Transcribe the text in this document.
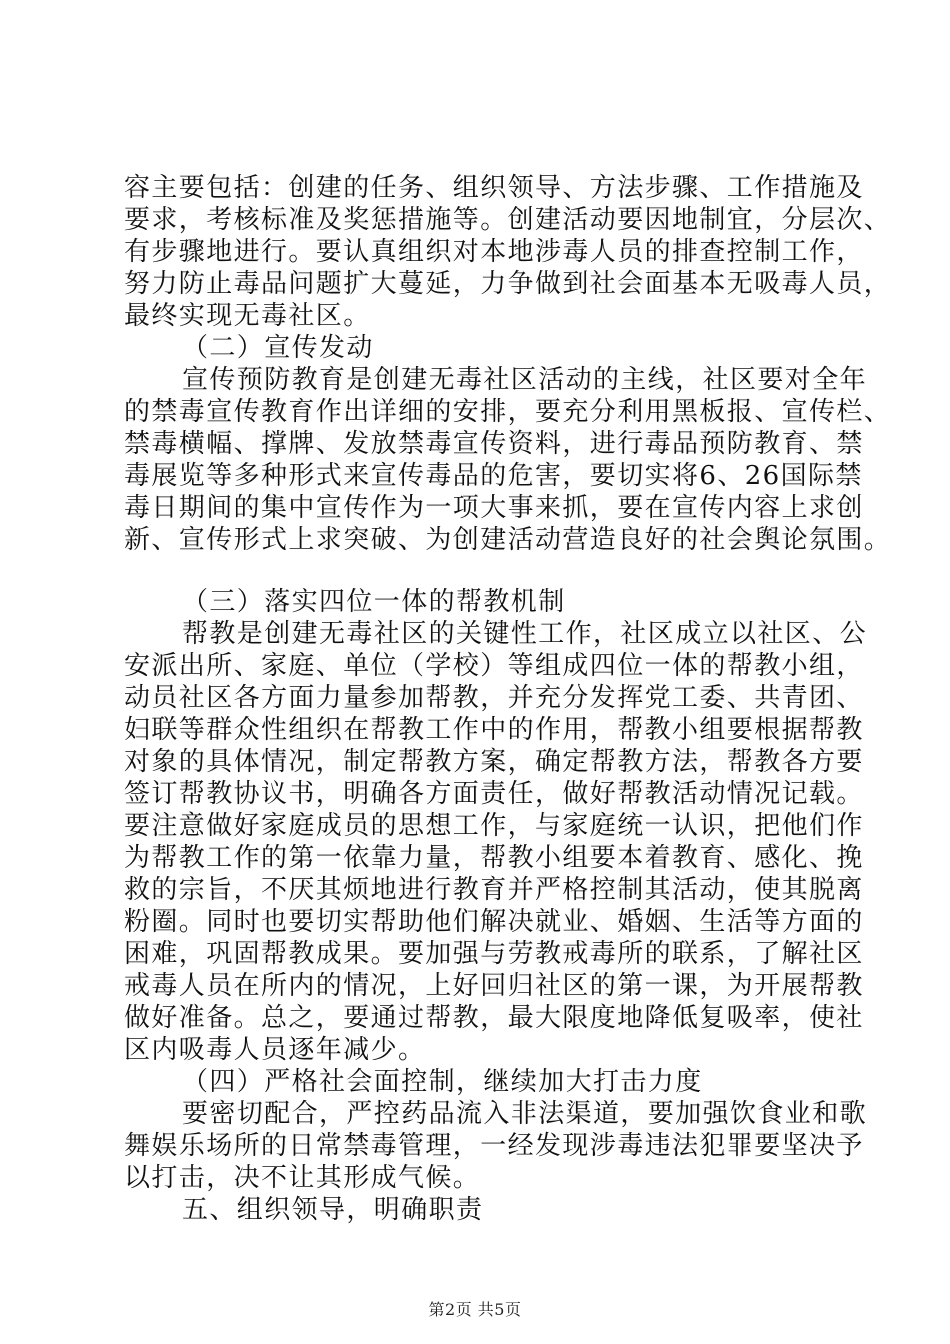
容主要包括：创建的任务、组织领导、方法步骤、工作措施及
要求，考核标准及奖惩措施等。创建活动要因地制宜，分层次、
有步骤地进行。要认真组织对本地涉毒人员的排查控制工作，
努力防止毒品问题扩大蔓延，力争做到社会面基本无吸毒人员，
最终实现无毒社区。
（二）宣传发动
宣传预防教育是创建无毒社区活动的主线，社区要对全年
的禁毒宣传教育作出详细的安排，要充分利用黑板报、宣传栏、
禁毒横幅、撑牌、发放禁毒宣传资料，进行毒品预防教育、禁
毒展览等多种形式来宣传毒品的危害，要切实将6、26国际禁
毒日期间的集中宣传作为一项大事来抓，要在宣传内容上求创
新、宣传形式上求突破、为创建活动营造良好的社会舆论氛围。
（三）落实四位一体的帮教机制
帮教是创建无毒社区的关键性工作，社区成立以社区、公
安派出所、家庭、单位（学校）等组成四位一体的帮教小组，
动员社区各方面力量参加帮教，并充分发挥党工委、共青团、
妇联等群众性组织在帮教工作中的作用，帮教小组要根据帮教
对象的具体情况，制定帮教方案，确定帮教方法，帮教各方要
签订帮教协议书，明确各方面责任，做好帮教活动情况记载。
要注意做好家庭成员的思想工作，与家庭统一认识，把他们作
为帮教工作的第一依靠力量，帮教小组要本着教育、感化、挽
救的宗旨，不厌其烦地进行教育并严格控制其活动，使其脱离
粉圈。同时也要切实帮助他们解决就业、婚姻、生活等方面的
困难，巩固帮教成果。要加强与劳教戒毒所的联系，了解社区
戒毒人员在所内的情况，上好回归社区的第一课，为开展帮教
做好准备。总之，要通过帮教，最大限度地降低复吸率，使社
区内吸毒人员逐年减少。
（四）严格社会面控制，继续加大打击力度
要密切配合，严控药品流入非法渠道，要加强饮食业和歌
舞娱乐场所的日常禁毒管理，一经发现涉毒违法犯罪要坚决予
以打击，决不让其形成气候。
五、组织领导，明确职责
第2页 共5页
